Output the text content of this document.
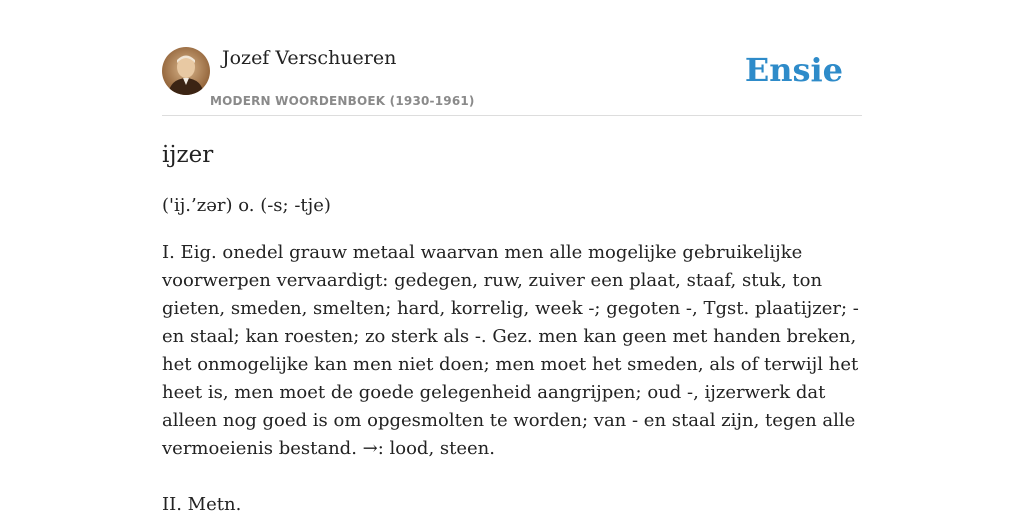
Jozef Verschueren
MODERN WOORDENBOEK (1930-1961)
Ensie
ijzer
('ij.’zər) o. (-s; -tje)

I. Eig. onedel grauw metaal waarvan men alle mogelijke gebruikelijke voorwerpen vervaardigt: gedegen, ruw, zuiver een plaat, staaf, stuk, ton gieten, smeden, smelten; hard, korrelig, week -; gegoten -, Tgst. plaatijzer; - en staal; kan roesten; zo sterk als -. Gez. men kan geen met handen breken, het onmogelijke kan men niet doen; men moet het smeden, als of terwijl het heet is, men moet de goede gelegenheid aangrijpen; oud -, ijzerwerk dat alleen nog goed is om opgesmolten te worden; van - en staal zijn, tegen alle vermoeienis bestand. →: lood, steen.

II. Metn.
